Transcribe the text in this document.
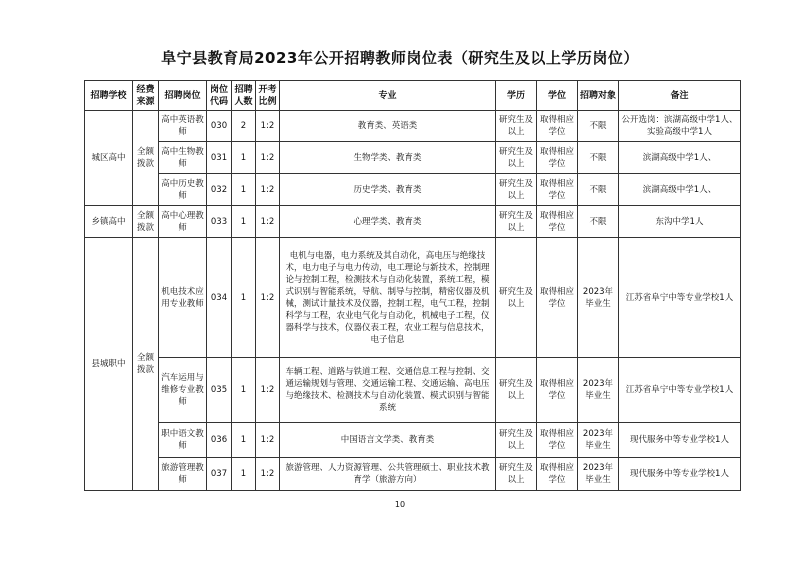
阜宁县教育局2023年公开招聘教师岗位表（研究生及以上学历岗位）
招聘学校	经费来源	招聘岗位	岗位代码	招聘人数	开考比例	专业	学历	学位	招聘对象	备注
城区高中	全额拨款	高中英语教师	030	2	1:2	教育类、英语类	研究生及以上	取得相应学位	不限	公开选岗：滨湖高级中学1人、实验高级中学1人
		高中生物教师	031	1	1:2	生物学类、教育类	研究生及以上	取得相应学位	不限	滨湖高级中学1人、
		高中历史教师	032	1	1:2	历史学类、教育类	研究生及以上	取得相应学位	不限	滨湖高级中学1人、
乡镇高中	全额拨款	高中心理教师	033	1	1:2	心理学类、教育类	研究生及以上	取得相应学位	不限	东沟中学1人
县城职中	全额拨款	机电技术应用专业教师	034	1	1:2	电机与电器，电力系统及其自动化，高电压与绝缘技术，电力电子与电力传动，电工理论与新技术，控制理论与控制工程，检测技术与自动化装置，系统工程，模式识别与智能系统，导航、制导与控制，精密仪器及机械，测试计量技术及仪器，控制工程，电气工程，控制科学与工程，农业电气化与自动化，机械电子工程，仪器科学与技术，仪器仪表工程，农业工程与信息技术，电子信息	研究生及以上	取得相应学位	2023年毕业生	江苏省阜宁中等专业学校1人
		汽车运用与维修专业教师	035	1	1:2	车辆工程、道路与铁道工程、交通信息工程与控制、交通运输规划与管理、交通运输工程、交通运输、高电压与绝缘技术、检测技术与自动化装置、模式识别与智能系统	研究生及以上	取得相应学位	2023年毕业生	江苏省阜宁中等专业学校1人
		职中语文教师	036	1	1:2	中国语言文学类、教育类	研究生及以上	取得相应学位	2023年毕业生	现代服务中等专业学校1人
		旅游管理教师	037	1	1:2	旅游管理、人力资源管理、公共管理硕士、职业技术教育学（旅游方向）	研究生及以上	取得相应学位	2023年毕业生	现代服务中等专业学校1人
10
